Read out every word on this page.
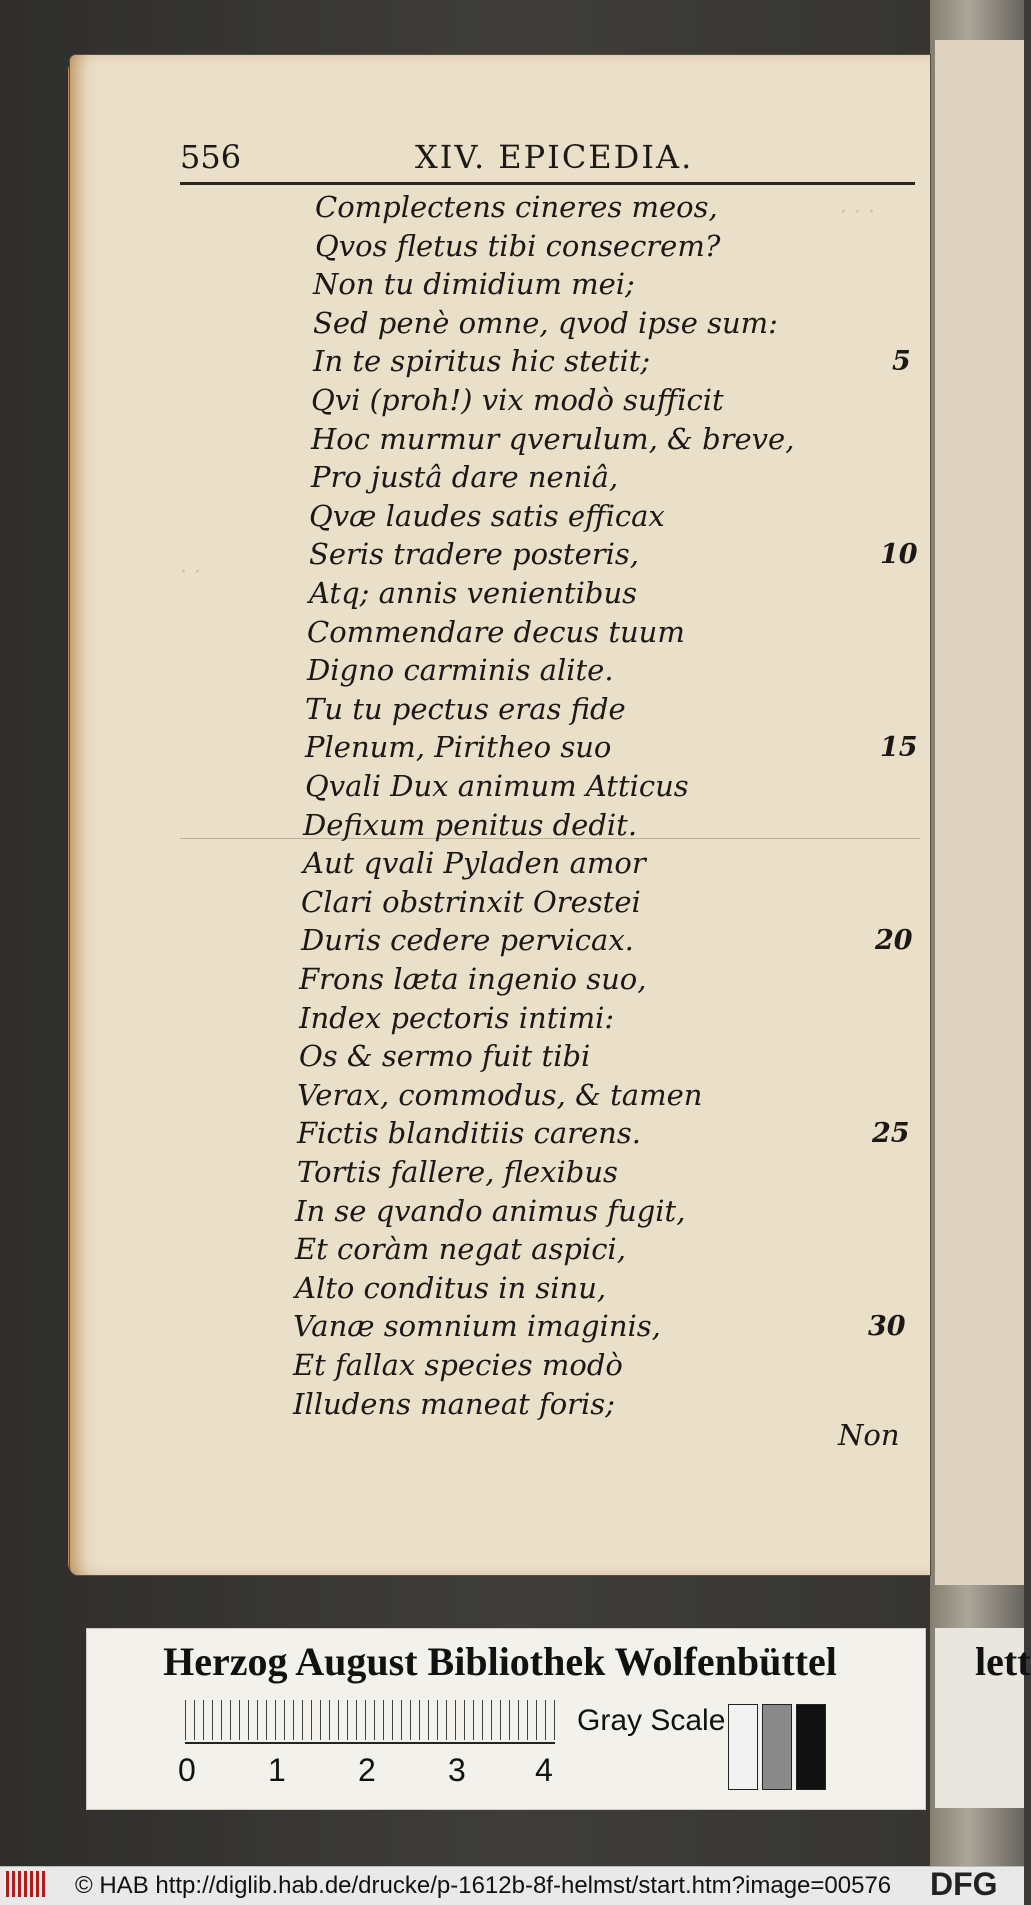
· · ·
· ·
556	XIV. EPICEDIA.
Complectens cineres meos,
Qvos fletus tibi consecrem?
Non tu dimidium mei;
Sed penè omne, qvod ipse sum:
In te spiritus hic stetit;
Qvi (proh!) vix modò sufficit
Hoc murmur qverulum, & breve,
Pro justâ dare neniâ,
Qvæ laudes satis efficax
Seris tradere posteris,
Atq; annis venientibus
Commendare decus tuum
Digno carminis alite.
Tu tu pectus eras fide
Plenum, Piritheo suo
Qvali Dux animum Atticus
Defixum penitus dedit.
Aut qvali Pyladen amor
Clari obstrinxit Orestei
Duris cedere pervicax.
Frons læta ingenio suo,
Index pectoris intimi:
Os & sermo fuit tibi
Verax, commodus, & tamen
Fictis blanditiis carens.
Tortis fallere, flexibus
In se qvando animus fugit,
Et coràm negat aspici,
Alto conditus in sinu,
Vanæ somnium imaginis,
Et fallax species modò
Illudens maneat foris;
5
10
15
20
25
30
Non
Herzog August Bibliothek Wolfenbüttel
0 1 2 3 4
Gray Scale
lett
© HAB http://diglib.hab.de/drucke/p-1612b-8f-helmst/start.htm?image=00576 DFG
